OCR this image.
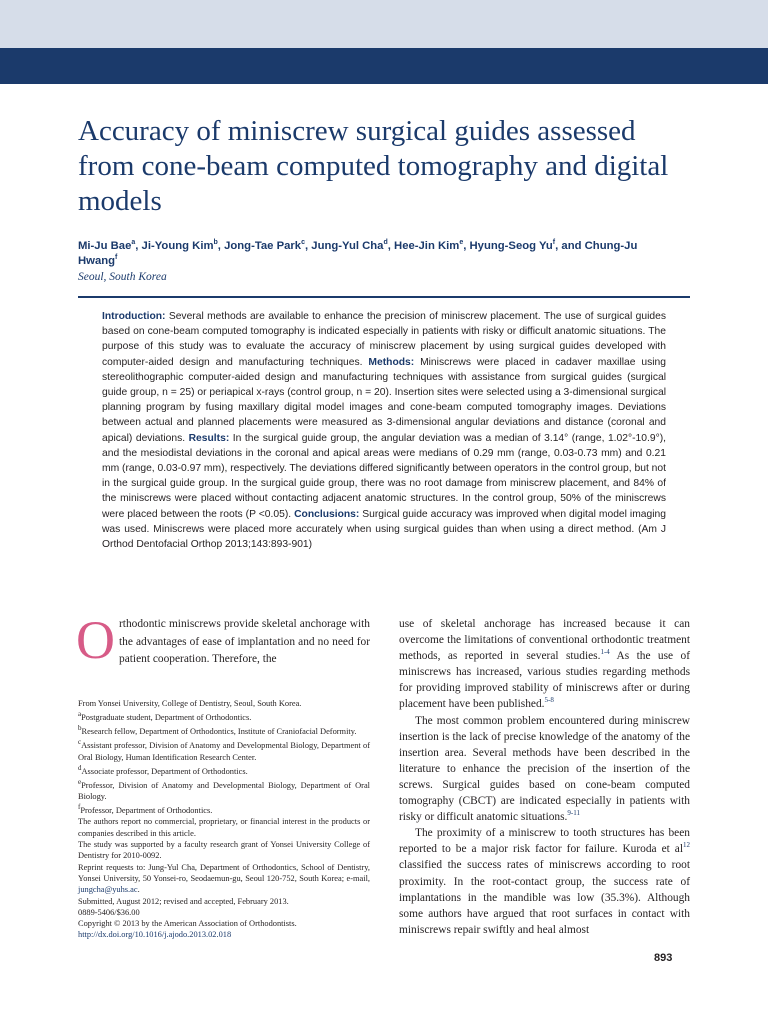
TECHNO BYTES	AJO-DO
Accuracy of miniscrew surgical guides assessed from cone-beam computed tomography and digital models
Mi-Ju Bae$^a$, Ji-Young Kim$^b$, Jong-Tae Park$^c$, Jung-Yul Cha$^d$, Hee-Jin Kim$^e$, Hyung-Seog Yu$^f$, and Chung-Ju Hwang$^f$
Seoul, South Korea

Introduction: Several methods are available to enhance the precision of miniscrew placement. The use of surgical guides based on cone-beam computed tomography is indicated especially in patients with risky or difficult anatomic situations. The purpose of this study was to evaluate the accuracy of miniscrew placement by using surgical guides developed with computer-aided design and manufacturing techniques. Methods: Miniscrews were placed in cadaver maxillae using stereolithographic computer-aided design and manufacturing techniques with assistance from surgical guides (surgical guide group, n = 25) or periapical x-rays (control group, n = 20). Insertion sites were selected using a 3-dimensional surgical planning program by fusing maxillary digital model images and cone-beam computed tomography images. Deviations between actual and planned placements were measured as 3-dimensional angular deviations and distance (coronal and apical) deviations. Results: In the surgical guide group, the angular deviation was a median of 3.14° (range, 1.02°-10.9°), and the mesiodistal deviations in the coronal and apical areas were medians of 0.29 mm (range, 0.03-0.73 mm) and 0.21 mm (range, 0.03-0.97 mm), respectively. The deviations differed significantly between operators in the control group, but not in the surgical guide group. In the surgical guide group, there was no root damage from miniscrew placement, and 84% of the miniscrews were placed without contacting adjacent anatomic structures. In the control group, 50% of the miniscrews were placed between the roots (P <0.05). Conclusions: Surgical guide accuracy was improved when digital model imaging was used. Miniscrews were placed more accurately when using surgical guides than when using a direct method. (Am J Orthod Dentofacial Orthop 2013;143:893-901)

Orthodontic miniscrews provide skeletal anchorage with the advantages of ease of implantation and no need for patient cooperation. Therefore, the

From Yonsei University, College of Dentistry, Seoul, South Korea.

$^a$Postgraduate student, Department of Orthodontics.

$^b$Research fellow, Department of Orthodontics, Institute of Craniofacial Deformity.

$^c$Assistant professor, Division of Anatomy and Developmental Biology, Department of Oral Biology, Human Identification Research Center.

$^d$Associate professor, Department of Orthodontics.

$^e$Professor, Division of Anatomy and Developmental Biology, Department of Oral Biology.

$^f$Professor, Department of Orthodontics.

The authors report no commercial, proprietary, or financial interest in the products or companies described in this article.

The study was supported by a faculty research grant of Yonsei University College of Dentistry for 2010-0092.

Reprint requests to: Jung-Yul Cha, Department of Orthodontics, School of Dentistry, Yonsei University, 50 Yonsei-ro, Seodaemun-gu, Seoul 120-752, South Korea; e-mail, jungcha@yuhs.ac.

Submitted, August 2012; revised and accepted, February 2013.

0889-5406/$36.00

Copyright © 2013 by the American Association of Orthodontists.

http://dx.doi.org/10.1016/j.ajodo.2013.02.018

use of skeletal anchorage has increased because it can overcome the limitations of conventional orthodontic treatment methods, as reported in several studies.$^{1-4}$ As the use of miniscrews has increased, various studies regarding methods for providing improved stability of miniscrews after or during placement have been published.$^{5-8}$

The most common problem encountered during miniscrew insertion is the lack of precise knowledge of the anatomy of the insertion area. Several methods have been described in the literature to enhance the precision of the insertion of the screws. Surgical guides based on cone-beam computed tomography (CBCT) are indicated especially in patients with risky or difficult anatomic situations.$^{9-11}$

The proximity of a miniscrew to tooth structures has been reported to be a major risk factor for failure. Kuroda et $al^{12}$ classified the success rates of miniscrews according to root proximity. In the root-contact group, the success rate of implantations in the mandible was low (35.3%). Although some authors have argued that root surfaces in contact with miniscrews repair swiftly and heal almost

893
